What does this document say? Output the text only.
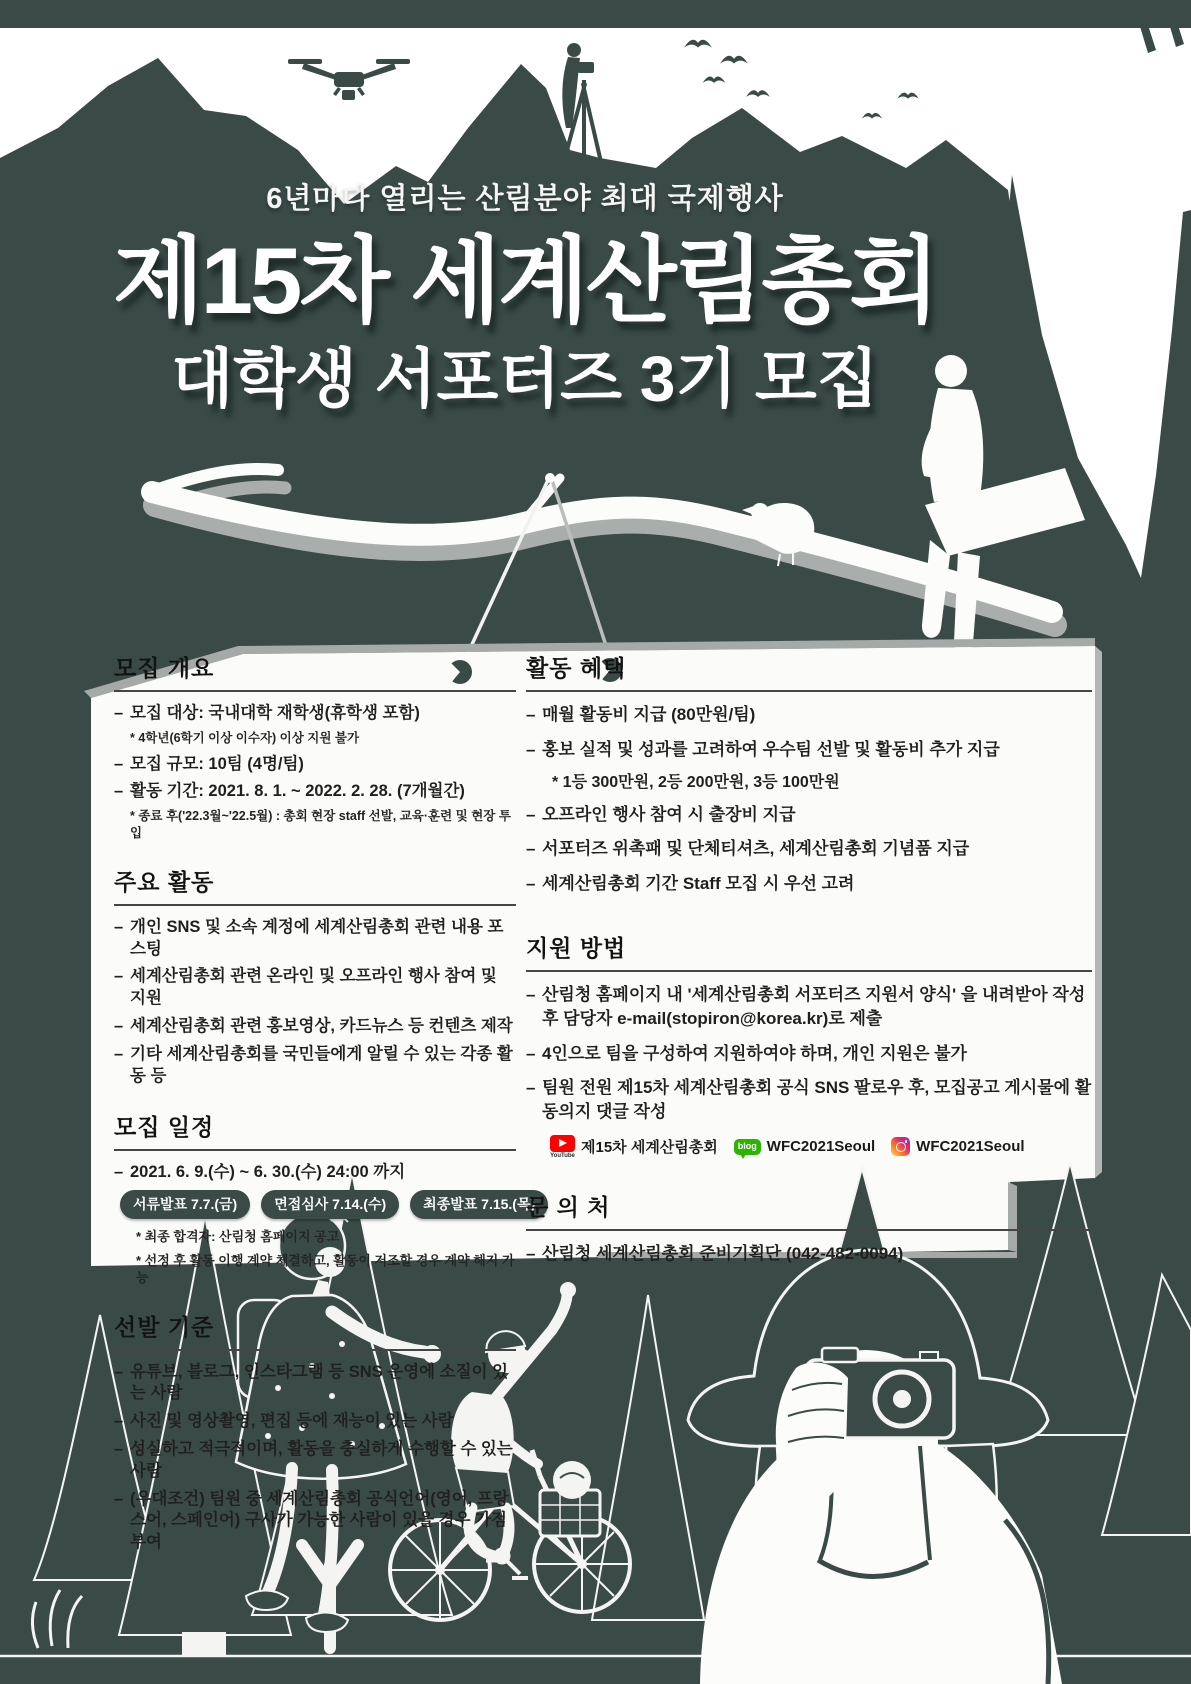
6년마다 열리는 산림분야 최대 국제행사
제15차 세계산림총회
대학생 서포터즈 3기 모집
모집 개요
– 모집 대상: 국내대학 재학생(휴학생 포함)
* 4학년(6학기 이상 이수자) 이상 지원 불가
– 모집 규모: 10팀 (4명/팀)
– 활동 기간: 2021. 8. 1. ~ 2022. 2. 28. (7개월간)
* 종료 후('22.3월~'22.5월) : 총회 현장 staff 선발, 교육·훈련 및 현장 투입
주요 활동
– 개인 SNS 및 소속 계정에 세계산림총회 관련 내용 포스팅
– 세계산림총회 관련 온라인 및 오프라인 행사 참여 및 지원
– 세계산림총회 관련 홍보영상, 카드뉴스 등 컨텐츠 제작
– 기타 세계산림총회를 국민들에게 알릴 수 있는 각종 활동 등
모집 일정
– 2021. 6. 9.(수) ~ 6. 30.(수) 24:00 까지
서류발표 7.7.(금)	면접심사 7.14.(수)	최종발표 7.15.(목)
* 최종 합격자: 산림청 홈페이지 공고
* 선정 후 활동 이행 계약 체결하고, 활동이 저조할 경우 계약 해지 가능
선발 기준
– 유튜브, 블로그, 인스타그램 등 SNS 운영에 소질이 있는 사람
– 사진 및 영상촬영, 편집 등에 재능이 있는 사람
– 성실하고 적극적이며, 활동을 충실하게 수행할 수 있는 사람
– (우대조건) 팀원 중 세계산림총회 공식언어(영어, 프랑스어, 스페인어) 구사가 가능한 사람이 있을 경우 가점 부여
활동 혜택
– 매월 활동비 지급 (80만원/팀)
– 홍보 실적 및 성과를 고려하여 우수팀 선발 및 활동비 추가 지급
* 1등 300만원, 2등 200만원, 3등 100만원
– 오프라인 행사 참여 시 출장비 지급
– 서포터즈 위촉패 및 단체티셔츠, 세계산림총회 기념품 지급
– 세계산림총회 기간 Staff 모집 시 우선 고려
지원 방법
– 산림청 홈페이지 내 '세계산림총회 서포터즈 지원서 양식' 을 내려받아 작성 후 담당자 e-mail(stopiron@korea.kr)로 제출
– 4인으로 팀을 구성하여 지원하여야 하며, 개인 지원은 불가
– 팀원 전원 제15차 세계산림총회 공식 SNS 팔로우 후, 모집공고 게시물에 활동의지 댓글 작성
YouTube 제15차 세계산림총회	blog WFC2021Seoul	WFC2021Seoul
문 의 처
– 산림청 세계산림총회 준비기획단 (042-482-0094)
